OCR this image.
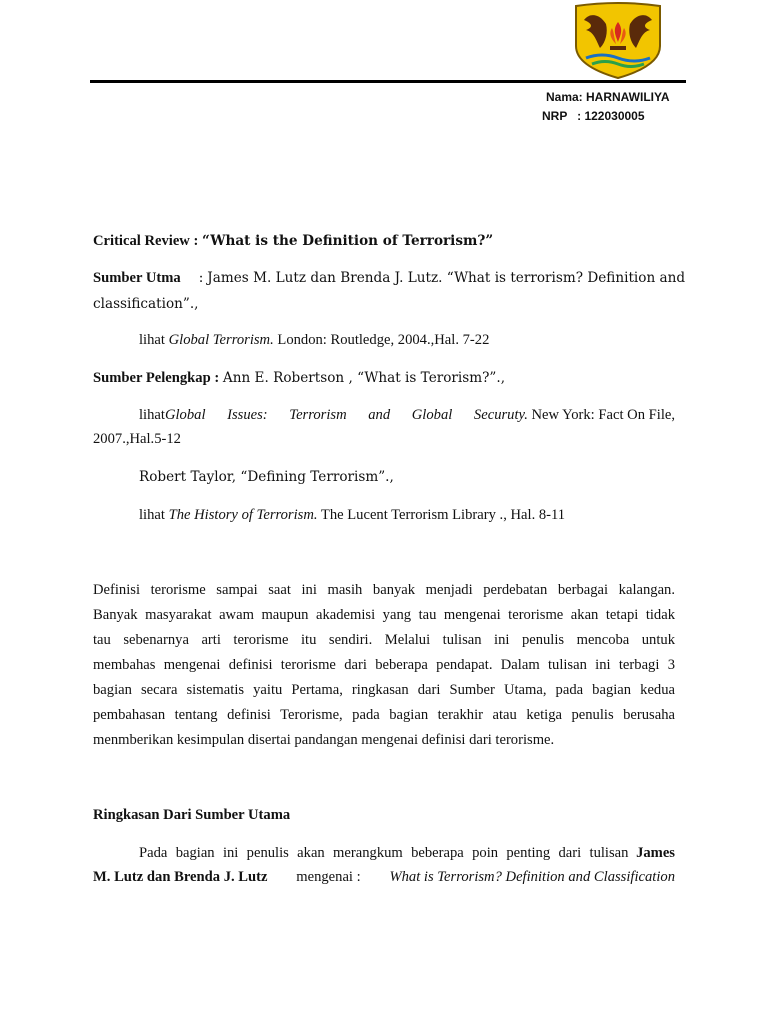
Nama: HARNAWILIYA
NRP   : 122030005
Critical Review : “What is the Definition of Terrorism?”
Sumber Utma : James M. Lutz dan Brenda J. Lutz. “What is terrorism? Definition and
classification”.,
lihat Global Terrorism. London: Routledge, 2004.,Hal. 7-22
Sumber Pelengkap : Ann E. Robertson , “What is Terorism?”.,
lihat Global Issues: Terrorism and Global Securuty. New York: Fact On File,
2007.,Hal.5-12
Robert Taylor, “Defining Terrorism”.,
lihat The History of Terrorism. The Lucent Terrorism Library ., Hal. 8-11
Definisi terorisme sampai saat ini masih banyak menjadi perdebatan berbagai kalangan.
Banyak masyarakat awam maupun akademisi yang tau mengenai terorisme akan tetapi tidak
tau sebenarnya arti terorisme itu sendiri. Melalui tulisan ini penulis mencoba untuk
membahas mengenai definisi terorisme dari beberapa pendapat. Dalam tulisan ini terbagi 3
bagian secara sistematis yaitu Pertama, ringkasan dari Sumber Utama, pada bagian kedua
pembahasan tentang definisi Terorisme, pada bagian terakhir atau ketiga penulis berusaha
menmberikan kesimpulan disertai pandangan mengenai definisi dari terorisme.
Ringkasan Dari Sumber Utama
Pada bagian ini penulis akan merangkum beberapa poin penting dari tulisan James
M. Lutz dan Brenda J. Lutz	mengenai :	What is Terrorism? Definition and Classification
